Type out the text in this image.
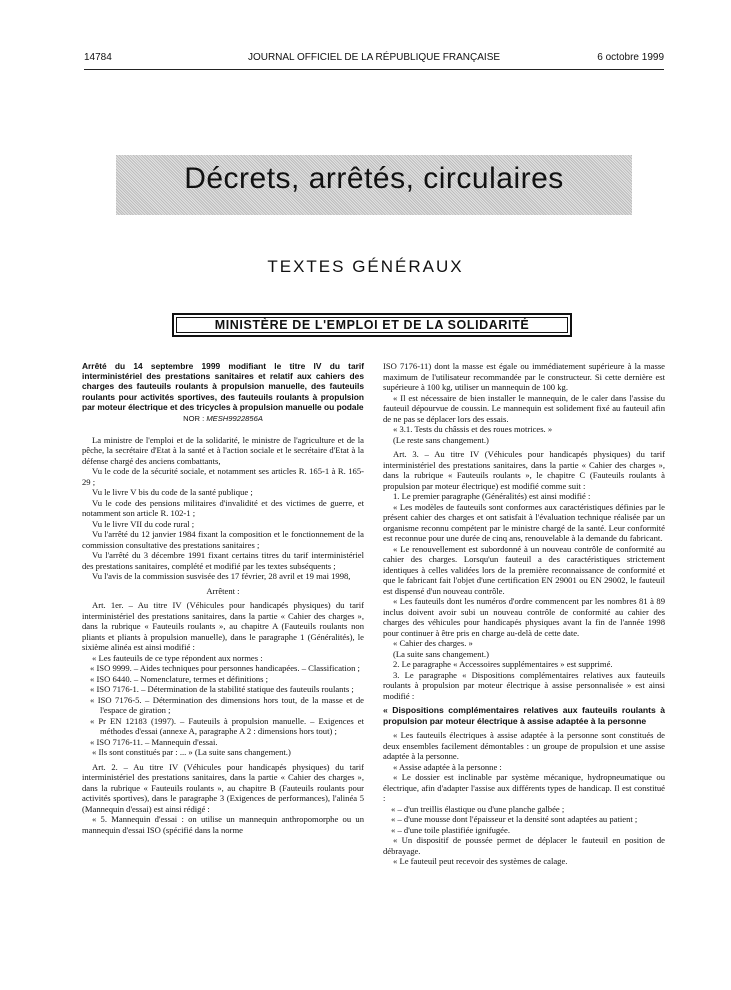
14784	JOURNAL OFFICIEL DE LA RÉPUBLIQUE FRANÇAISE	6 octobre 1999
Décrets, arrêtés, circulaires
TEXTES GÉNÉRAUX
MINISTÈRE DE L'EMPLOI ET DE LA SOLIDARITÉ

Arrêté du 14 septembre 1999 modifiant le titre IV du tarif interministériel des prestations sanitaires et relatif aux cahiers des charges des fauteuils roulants à propulsion manuelle, des fauteuils roulants pour activités sportives, des fauteuils roulants à propulsion par moteur électrique et des tricycles à propulsion manuelle ou podale

NOR : MESH9922856A

La ministre de l'emploi et de la solidarité, le ministre de l'agriculture et de la pêche, la secrétaire d'Etat à la santé et à l'action sociale et le secrétaire d'Etat à la défense chargé des anciens combattants,

Vu le code de la sécurité sociale, et notamment ses articles R. 165-1 à R. 165-29 ;

Vu le livre V bis du code de la santé publique ;

Vu le code des pensions militaires d'invalidité et des victimes de guerre, et notamment son article R. 102-1 ;

Vu le livre VII du code rural ;

Vu l'arrêté du 12 janvier 1984 fixant la composition et le fonctionnement de la commission consultative des prestations sanitaires ;

Vu l'arrêté du 3 décembre 1991 fixant certains titres du tarif interministériel des prestations sanitaires, complété et modifié par les textes subséquents ;

Vu l'avis de la commission susvisée des 17 février, 28 avril et 19 mai 1998,

Arrêtent :

Art. 1er. – Au titre IV (Véhicules pour handicapés physiques) du tarif interministériel des prestations sanitaires, dans la partie « Cahier des charges », dans la rubrique « Fauteuils roulants », au chapitre A (Fauteuils roulants non pliants et pliants à propulsion manuelle), dans le paragraphe 1 (Généralités), le sixième alinéa est ainsi modifié :

« Les fauteuils de ce type répondent aux normes :

« ISO 9999. – Aides techniques pour personnes handicapées. – Classification ;

« ISO 6440. – Nomenclature, termes et définitions ;

« ISO 7176-1. – Détermination de la stabilité statique des fauteuils roulants ;

« ISO 7176-5. – Détermination des dimensions hors tout, de la masse et de l'espace de giration ;

« Pr EN 12183 (1997). – Fauteuils à propulsion manuelle. – Exigences et méthodes d'essai (annexe A, paragraphe A 2 : dimensions hors tout) ;

« ISO 7176-11. – Mannequin d'essai.

« Ils sont constitués par : ... » (La suite sans changement.)

Art. 2. – Au titre IV (Véhicules pour handicapés physiques) du tarif interministériel des prestations sanitaires, dans la partie « Cahier des charges », dans la rubrique « Fauteuils roulants », au chapitre B (Fauteuils roulants pour activités sportives), dans le paragraphe 3 (Exigences de performances), l'alinéa 5 (Mannequin d'essai) est ainsi rédigé :

« 5. Mannequin d'essai : on utilise un mannequin anthropomorphe ou un mannequin d'essai ISO (spécifié dans la norme

ISO 7176-11) dont la masse est égale ou immédiatement supérieure à la masse maximum de l'utilisateur recommandée par le constructeur. Si cette dernière est supérieure à 100 kg, utiliser un mannequin de 100 kg.

« Il est nécessaire de bien installer le mannequin, de le caler dans l'assise du fauteuil dépourvue de coussin. Le mannequin est solidement fixé au fauteuil afin de ne pas se déplacer lors des essais.

« 3.1. Tests du châssis et des roues motrices. »

(Le reste sans changement.)

Art. 3. – Au titre IV (Véhicules pour handicapés physiques) du tarif interministériel des prestations sanitaires, dans la partie « Cahier des charges », dans la rubrique « Fauteuils roulants », le chapitre C (Fauteuils roulants à propulsion par moteur électrique) est modifié comme suit :

1. Le premier paragraphe (Généralités) est ainsi modifié :

« Les modèles de fauteuils sont conformes aux caractéristiques définies par le présent cahier des charges et ont satisfait à l'évaluation technique réalisée par un organisme reconnu compétent par le ministre chargé de la santé. Leur conformité est reconnue pour une durée de cinq ans, renouvelable à la demande du fabricant.

« Le renouvellement est subordonné à un nouveau contrôle de conformité au cahier des charges. Lorsqu'un fauteuil a des caractéristiques strictement identiques à celles validées lors de la première reconnaissance de conformité et que le fabricant fait l'objet d'une certification EN 29001 ou EN 29002, le fauteuil est dispensé d'un nouveau contrôle.

« Les fauteuils dont les numéros d'ordre commencent par les nombres 81 à 89 inclus doivent avoir subi un nouveau contrôle de conformité au cahier des charges des véhicules pour handicapés physiques avant la fin de l'année 1998 pour continuer à être pris en charge au-delà de cette date.

« Cahier des charges. »

(La suite sans changement.)

2. Le paragraphe « Accessoires supplémentaires » est supprimé.

3. Le paragraphe « Dispositions complémentaires relatives aux fauteuils roulants à propulsion par moteur électrique à assise personnalisée » est ainsi modifié :

« Dispositions complémentaires relatives aux fauteuils roulants à propulsion par moteur électrique à assise adaptée à la personne

« Les fauteuils électriques à assise adaptée à la personne sont constitués de deux ensembles facilement démontables : un groupe de propulsion et une assise adaptée à la personne.

« Assise adaptée à la personne :

« Le dossier est inclinable par système mécanique, hydropneumatique ou électrique, afin d'adapter l'assise aux différents types de handicap. Il est constitué :

« – d'un treillis élastique ou d'une planche galbée ;

« – d'une mousse dont l'épaisseur et la densité sont adaptées au patient ;

« – d'une toile plastifiée ignifugée.

« Un dispositif de poussée permet de déplacer le fauteuil en position de débrayage.

« Le fauteuil peut recevoir des systèmes de calage.
